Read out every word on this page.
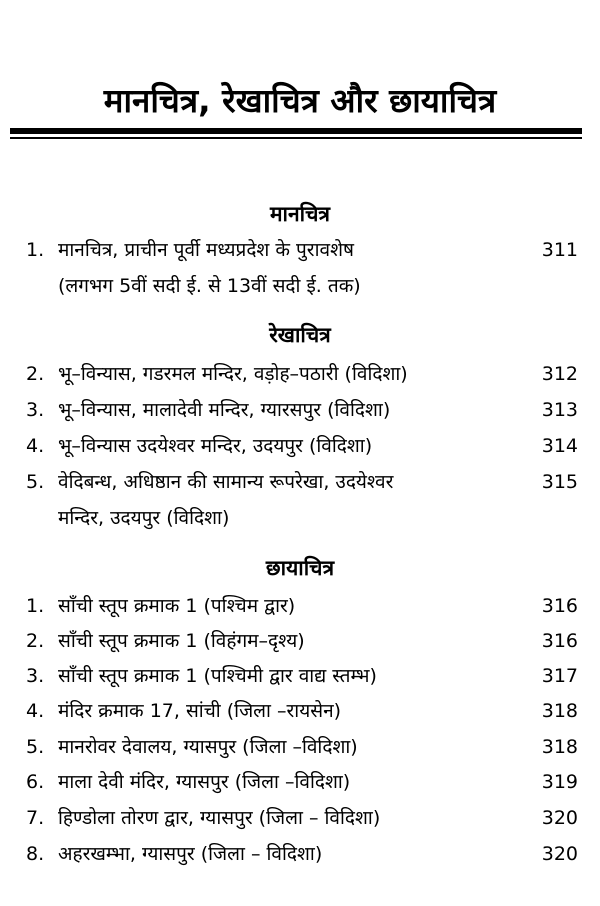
मानचित्र, रेखाचित्र और छायाचित्र
मानचित्र
1. मानचित्र, प्राचीन पूर्वी मध्यप्रदेश के पुरावशेष	311
(लगभग 5वीं सदी ई. से 13वीं सदी ई. तक)
रेखाचित्र
2. भू–विन्यास, गडरमल मन्दिर, वड़ोह–पठारी (विदिशा)	312
3. भू–विन्यास, मालादेवी मन्दिर, ग्यारसपुर (विदिशा)	313
4. भू–विन्यास उदयेश्वर मन्दिर, उदयपुर (विदिशा)	314
5. वेदिबन्ध, अधिष्ठान की सामान्य रूपरेखा, उदयेश्वर	315
मन्दिर, उदयपुर (विदिशा)
छायाचित्र
1. साँची स्तूप क्रमाक 1 (पश्चिम द्वार)	316
2. साँची स्तूप क्रमाक 1 (विहंगम–दृश्य)	316
3. साँची स्तूप क्रमाक 1 (पश्चिमी द्वार वाद्य स्तम्भ)	317
4. मंदिर क्रमाक 17, सांची (जिला –रायसेन)	318
5. मानरोवर देवालय, ग्यासपुर (जिला –विदिशा)	318
6. माला देवी मंदिर, ग्यासपुर (जिला –विदिशा)	319
7. हिण्डोला तोरण द्वार, ग्यासपुर (जिला – विदिशा)	320
8. अहरखम्भा, ग्यासपुर (जिला – विदिशा)	320
